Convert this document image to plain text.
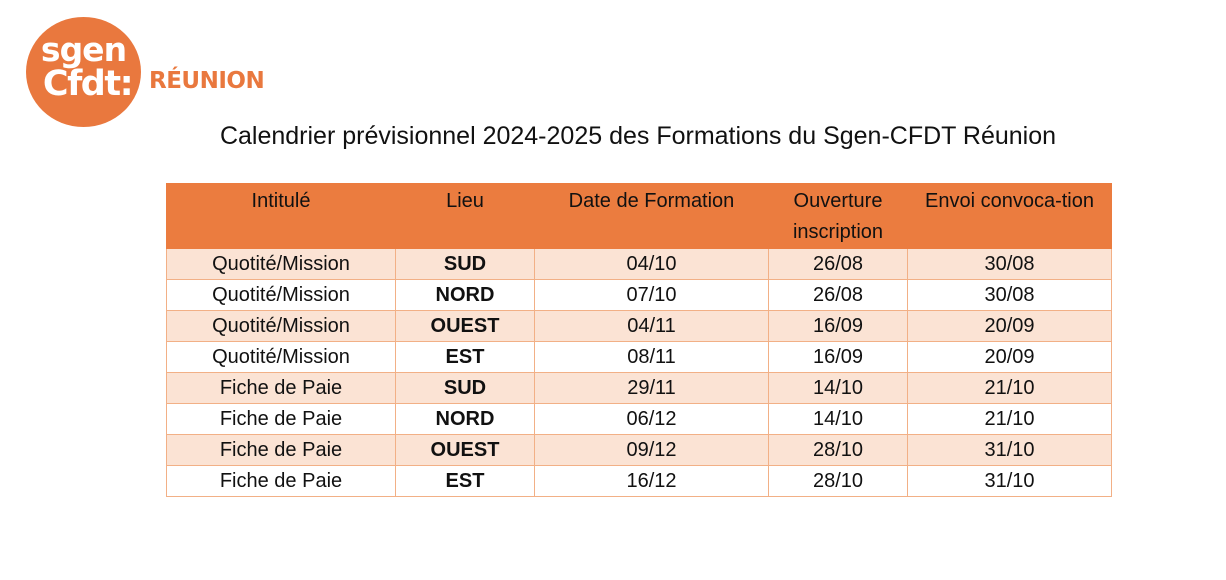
sgen
Cfdt: RÉUNION
Calendrier prévisionnel 2024-2025 des Formations du Sgen-CFDT Réunion
Intitulé	Lieu	Date de Formation	Ouverture inscription	Envoi convoca-tion
Quotité/Mission	SUD	04/10	26/08	30/08
Quotité/Mission	NORD	07/10	26/08	30/08
Quotité/Mission	OUEST	04/11	16/09	20/09
Quotité/Mission	EST	08/11	16/09	20/09
Fiche de Paie	SUD	29/11	14/10	21/10
Fiche de Paie	NORD	06/12	14/10	21/10
Fiche de Paie	OUEST	09/12	28/10	31/10
Fiche de Paie	EST	16/12	28/10	31/10
